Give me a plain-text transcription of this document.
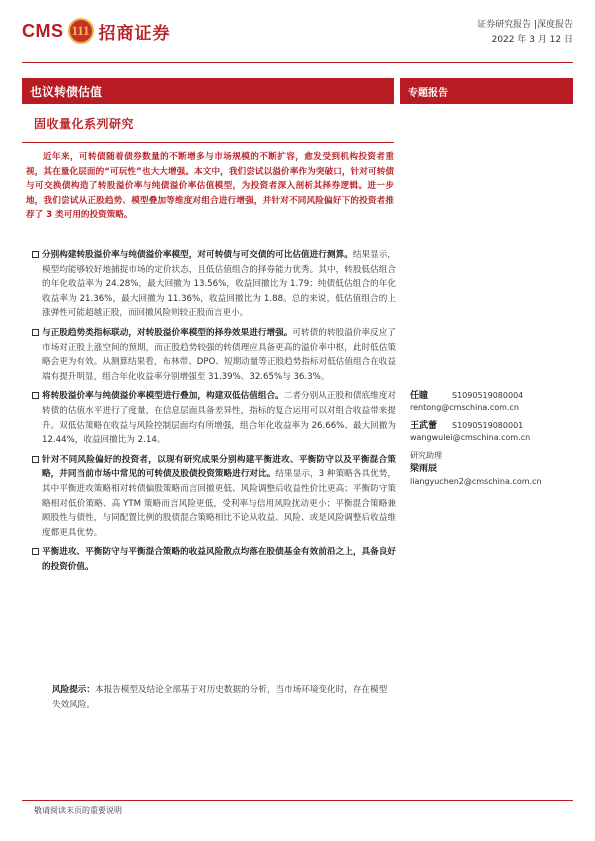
CMS 111 招商证券	证券研究报告 |深度报告
2022 年 3 月 12 日
也议转债估值	专题报告
固收量化系列研究
近年来，可转债随着债券数量的不断增多与市场规模的不断扩容，愈发受到机构投资者重视，其在量化层面的“可玩性”也大大增强。本文中，我们尝试以溢价率作为突破口，针对可转债与可交换债构造了转股溢价率与纯债溢价率估值模型，为投资者深入剖析其择券逻辑。进一步地，我们尝试从正股趋势、模型叠加等维度对组合进行增强，并针对不同风险偏好下的投资者推荐了 3 类可用的投资策略。
分别构建转股溢价率与纯债溢价率模型，对可转债与可交债的可比估值进行测算。结果显示，模型均能够较好地捕捉市场的定价状态，且低估值组合的择券能力优秀。其中，转股低估组合的年化收益率为 24.28%，最大回撤为 13.56%，收益回撤比为 1.79；纯债低估组合的年化收益率为 21.36%，最大回撤为 11.36%，收益回撤比为 1.88。总的来说，低估值组合的上涨弹性可能超越正股，而回撤风险则较正股而言更小。
与正股趋势类指标联动，对转股溢价率模型的择券效果进行增强。可转债的转股溢价率反应了市场对正股上涨空间的预期，而正股趋势较强的转债理应具备更高的溢价率中枢，此时低估策略会更为有效。从测算结果看，布林带、DPO、短期动量等正股趋势指标对低估值组合在收益端有提升明显，组合年化收益率分别增强至 31.39%、32.65%与 36.3%。
将转股溢价率与纯债溢价率模型进行叠加，构建双低估值组合。二者分别从正股和债底维度对转债的估值水平进行了度量，在信息层面具备差异性，指标的复合运用可以对组合收益带来提升。双低估策略在收益与风险控制层面均有所增强，组合年化收益率为 26.66%、最大回撤为 12.44%，收益回撤比为 2.14。
针对不同风险偏好的投资者，以现有研究成果分别构建平衡进攻、平衡防守以及平衡混合策略，并同当前市场中常见的可转债及股债投资策略进行对比。结果显示，3 种策略各具优势，其中平衡进攻策略相对转债偏股策略而言回撤更低、风险调整后收益性价比更高；平衡防守策略相对低价策略、高 YTM 策略而言风险更低，受利率与信用风险扰动更小；平衡混合策略兼顾股性与债性，与同配置比例的股债混合策略相比不论从收益、风险、或是风险调整后收益维度都更具优势。
平衡进攻、平衡防守与平衡混合策略的收益风险散点均落在股债基金有效前沿之上，具备良好的投资价值。
风险提示：本报告模型及结论全部基于对历史数据的分析，当市场环境变化时，存在模型失效风险。
任瞳	S1090519080004
rentong@cmschina.com.cn
王武蕾	S1090519080001
wangwulei@cmschina.com.cn
研究助理
梁雨辰
liangyuchen2@cmschina.com.cn
敬请阅读末页的重要说明
